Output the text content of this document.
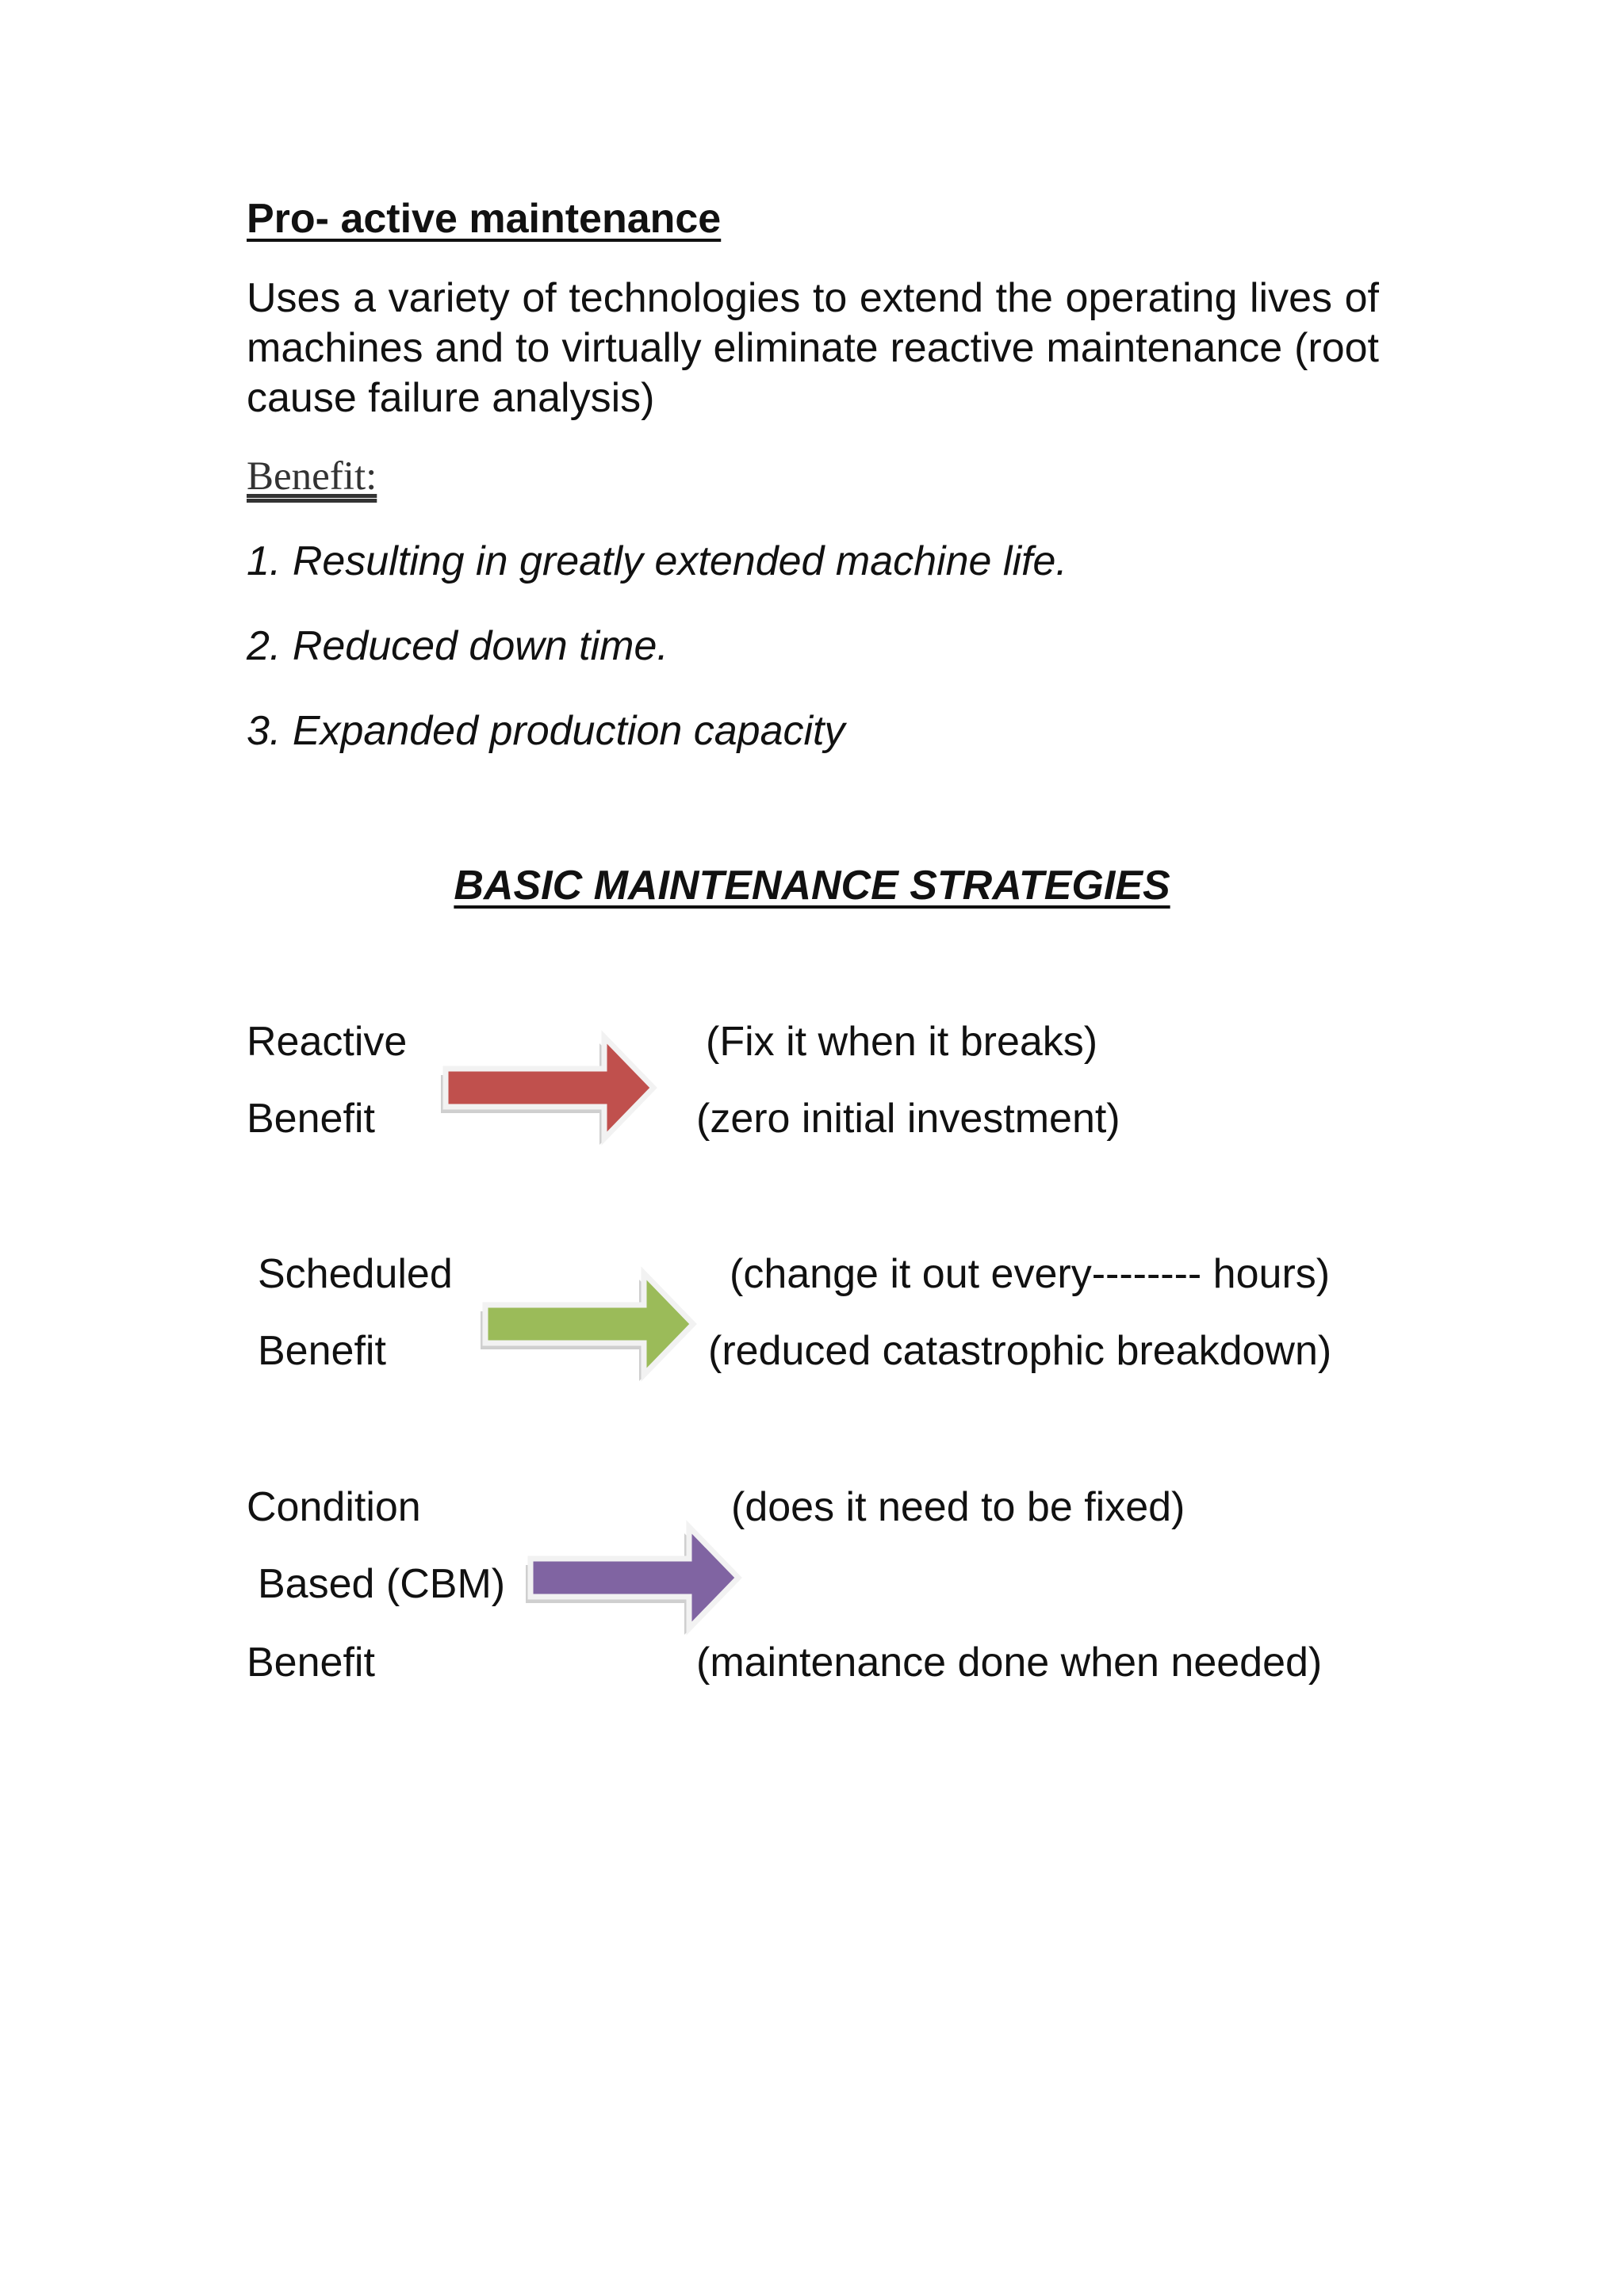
Pro- active maintenance
Uses a variety of technologies to extend the operating lives of machines and to virtually eliminate reactive maintenance (root cause failure analysis)
Benefit:
1. Resulting in greatly extended machine life.
2. Reduced down time.
3. Expanded production capacity
BASIC MAINTENANCE STRATEGIES
Reactive
Benefit
(Fix it when it breaks)
(zero initial investment)
Scheduled
Benefit
(change it out every-------- hours)
(reduced catastrophic breakdown)
Condition
Based (CBM)
Benefit
(does it need to be fixed)
(maintenance done when needed)
